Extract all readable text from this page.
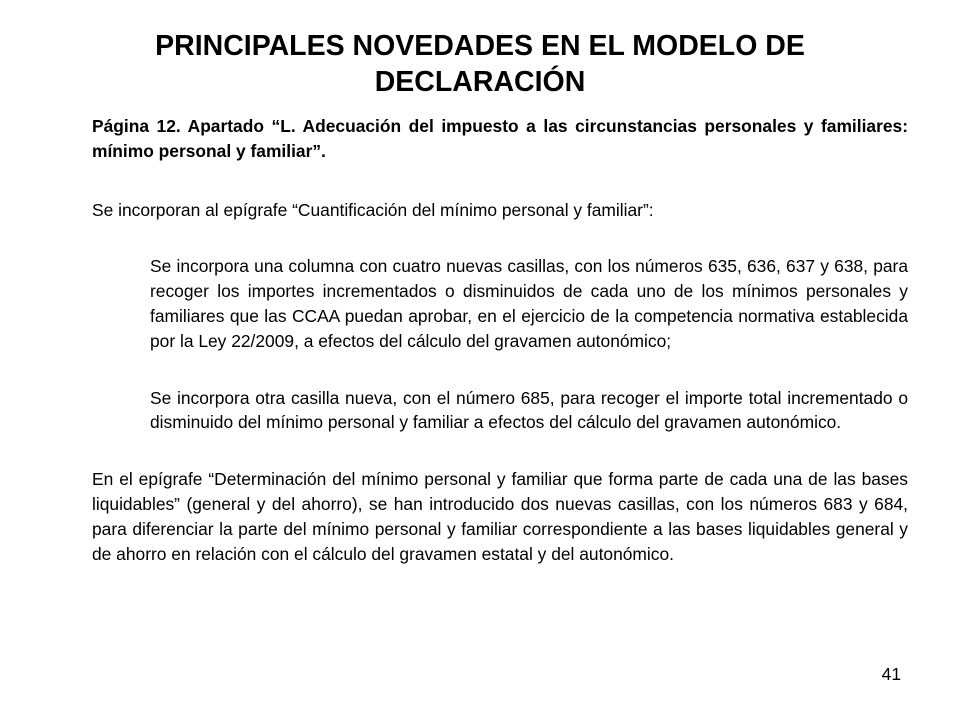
PRINCIPALES NOVEDADES EN EL MODELO DE DECLARACIÓN

Página 12. Apartado “L. Adecuación del impuesto a las circunstancias personales y familiares: mínimo personal y familiar”.

Se incorporan al epígrafe “Cuantificación del mínimo personal y familiar”:

Se incorpora una columna con cuatro nuevas casillas, con los números 635, 636, 637 y 638, para recoger los importes incrementados o disminuidos de cada uno de los mínimos personales y familiares que las CCAA puedan aprobar, en el ejercicio de la competencia normativa establecida por la Ley 22/2009, a efectos del cálculo del gravamen autonómico;

Se incorpora otra casilla nueva, con el número 685, para recoger el importe total incrementado o disminuido del mínimo personal y familiar a efectos del cálculo del gravamen autonómico.

En el epígrafe “Determinación del mínimo personal y familiar que forma parte de cada una de las bases liquidables” (general y del ahorro), se han introducido dos nuevas casillas, con los números 683 y 684, para diferenciar la parte del mínimo personal y familiar correspondiente a las bases liquidables general y de ahorro en relación con el cálculo del gravamen estatal y del autonómico.

41
